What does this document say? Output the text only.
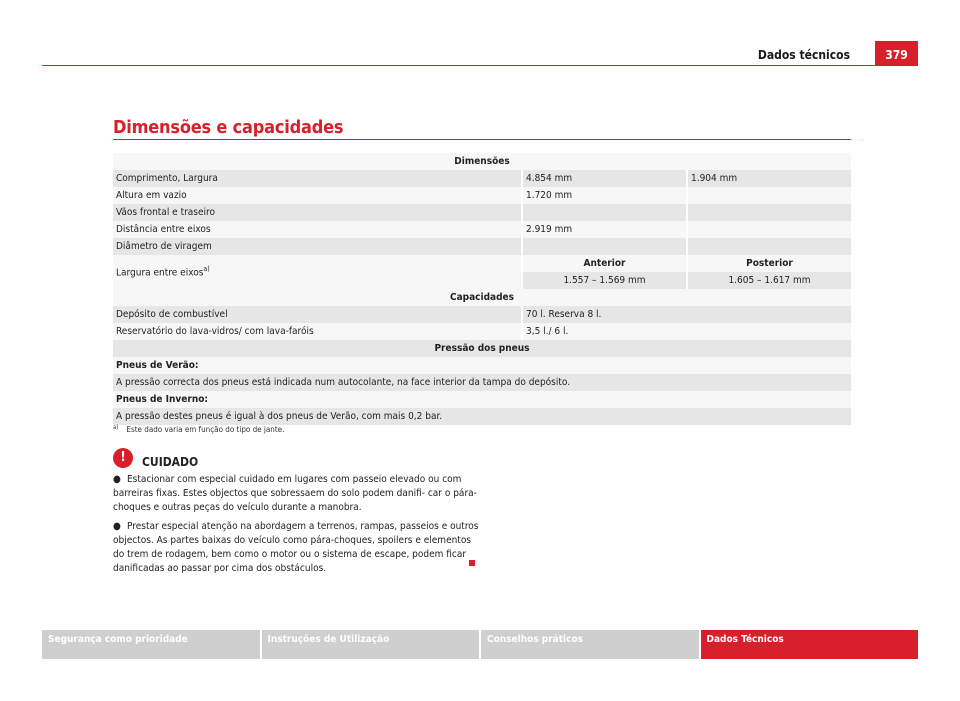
Dados técnicos	379
Dimensões e capacidades
Dimensões		
Comprimento, Largura	4.854 mm	1.904 mm
Altura em vazio	1.720 mm	
Vãos frontal e traseiro		
Distância entre eixos	2.919 mm	
Diâmetro de viragem		
Largura entre eixos$^{a)}$	Anterior	Posterior
	1.557 – 1.569 mm	1.605 – 1.617 mm
Capacidades		
Depósito de combustível	70 l. Reserva 8 l.	
Reservatório do lava-vidros/ com lava-faróis	3,5 l./ 6 l.	
Pressão dos pneus		
Pneus de Verão:		
A pressão correcta dos pneus está indicada num autocolante, na face interior da tampa do depósito.		
Pneus de Inverno:		
A pressão destes pneus é igual à dos pneus de Verão, com mais 0,2 bar.		
$^{a)}$ Este dado varia em função do tipo de jante.
!	CUIDADO

● Estacionar com especial cuidado em lugares com passeio elevado ou com barreiras fixas. Estes objectos que sobressaem do solo podem danifi- car o pára-choques e outras peças do veículo durante a manobra.

● Prestar especial atenção na abordagem a terrenos, rampas, passeios e outros objectos. As partes baixas do veículo como pára-choques, spoilers e elementos do trem de rodagem, bem como o motor ou o sistema de escape, podem ficar danificadas ao passar por cima dos obstáculos.

Segurança como prioridade	Instruções de Utilização	Conselhos práticos	Dados Técnicos
